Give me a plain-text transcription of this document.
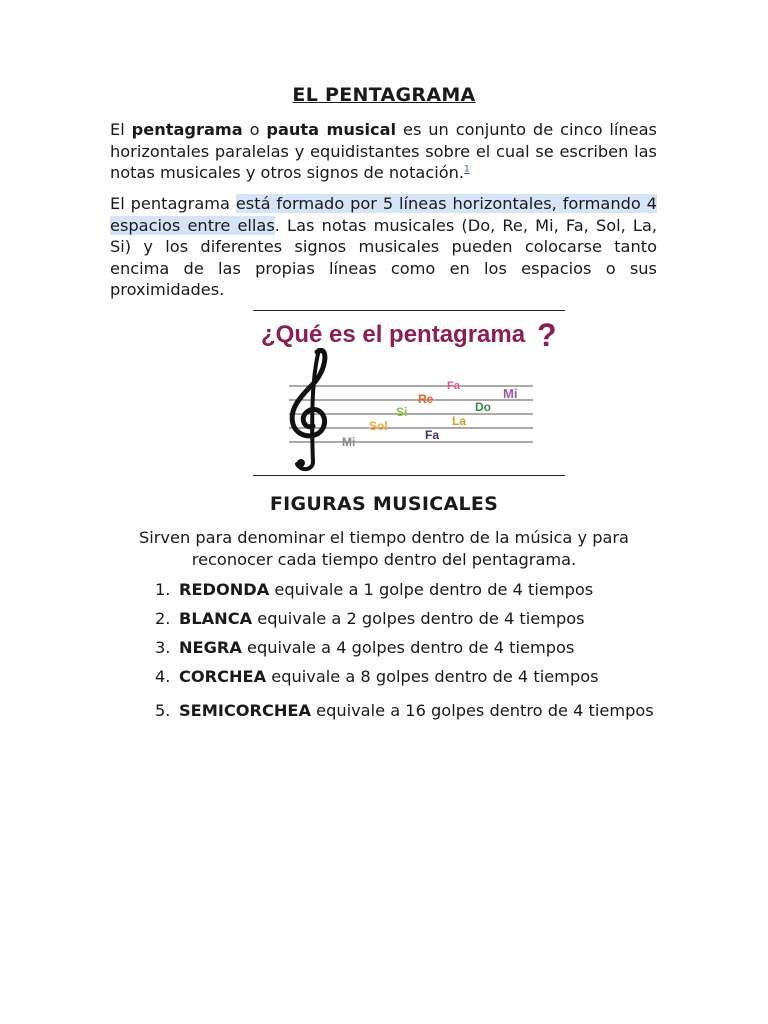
EL PENTAGRAMA
El pentagrama o pauta musical es un conjunto de cinco líneas horizontales paralelas y equidistantes sobre el cual se escriben las notas musicales y otros signos de notación.$^1$
El pentagrama está formado por 5 líneas horizontales, formando 4 espacios entre ellas. Las notas musicales (Do, Re, Mi, Fa, Sol, La, Si) y los diferentes signos musicales pueden colocarse tanto encima de las propias líneas como en los espacios o sus proximidades.
¿Qué es el pentagrama ?
Mi
Sol
Si
Re
Fa
Fa
La
Do
Mi
FIGURAS MUSICALES
Sirven para denominar el tiempo dentro de la música y para reconocer cada tiempo dentro del pentagrama.
1. REDONDA equivale a 1 golpe dentro de 4 tiempos
2. BLANCA equivale a 2 golpes dentro de 4 tiempos
3. NEGRA equivale a 4 golpes dentro de 4 tiempos
4. CORCHEA equivale a 8 golpes dentro de 4 tiempos
5. SEMICORCHEA equivale a 16 golpes dentro de 4 tiempos
